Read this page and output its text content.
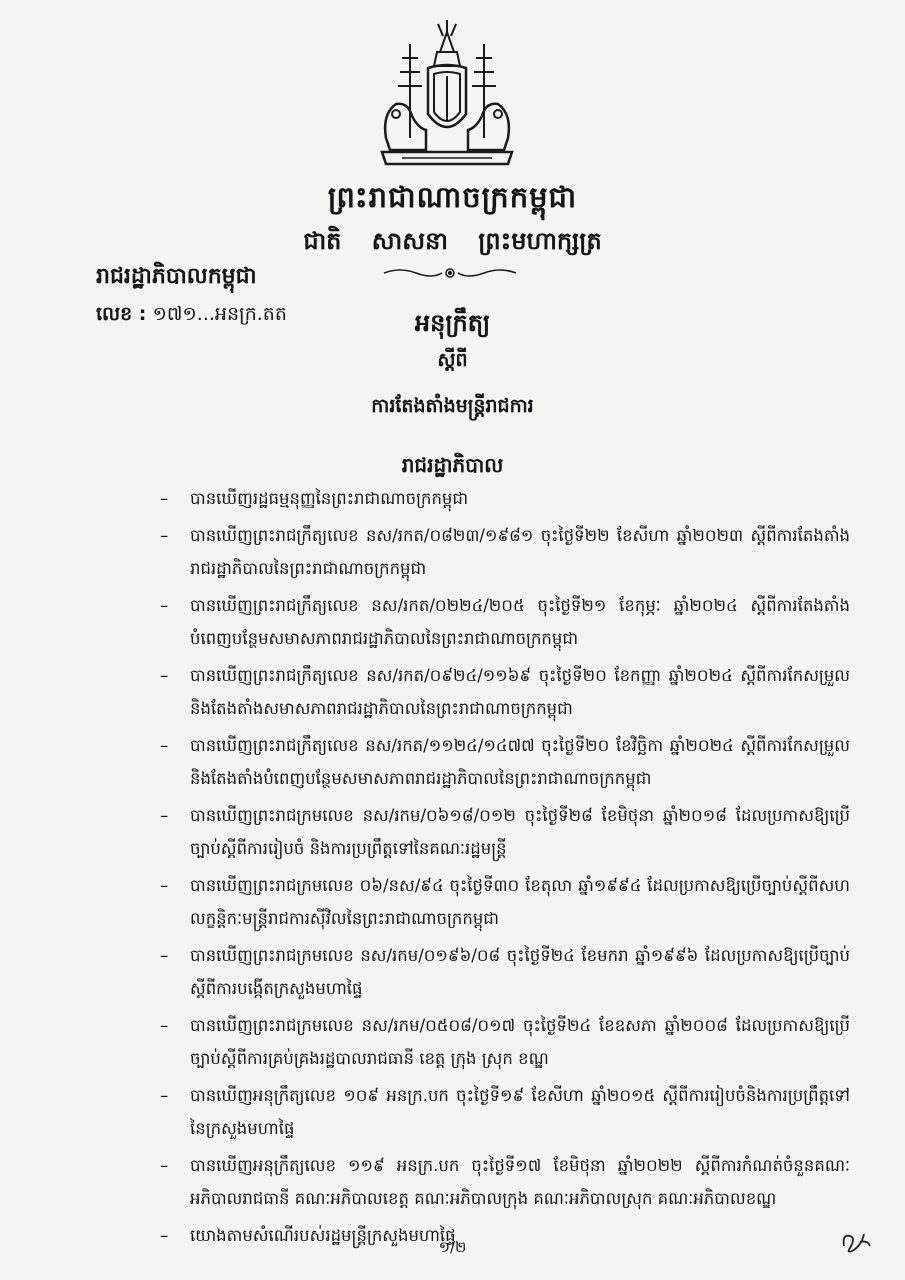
ព្រះរាជាណាចក្រកម្ពុជា
ជាតិ សាសនា ព្រះមហាក្សត្រ
រាជរដ្ឋាភិបាលកម្ពុជា
លេខ : ១៧១...អនក្រ.តត	អនុក្រឹត្យ
ស្តីពី
ការតែងតាំងមន្ត្រីរាជការ
រាជរដ្ឋាភិបាល
–	បានឃើញរដ្ឋធម្មនុញ្ញនៃព្រះរាជាណាចក្រកម្ពុជា
–	បានឃើញព្រះរាជក្រឹត្យលេខ នស/រកត/០៨២៣/១៩៨១ ចុះថ្ងៃទី២២ ខែសីហា ឆ្នាំ២០២៣ ស្តីពីការតែងតាំងរាជរដ្ឋាភិបាលនៃព្រះរាជាណាចក្រកម្ពុជា
–	បានឃើញព្រះរាជក្រឹត្យលេខ នស/រកត/០២២៤/២០៥ ចុះថ្ងៃទី២១ ខែកុម្ភៈ ឆ្នាំ២០២៤ ស្តីពីការតែងតាំងបំពេញបន្ថែមសមាសភាពរាជរដ្ឋាភិបាលនៃព្រះរាជាណាចក្រកម្ពុជា
–	បានឃើញព្រះរាជក្រឹត្យលេខ នស/រកត/០៩២៤/១១៦៩ ចុះថ្ងៃទី២០ ខែកញ្ញា ឆ្នាំ២០២៤ ស្តីពីការកែសម្រួលនិងតែងតាំងសមាសភាពរាជរដ្ឋាភិបាលនៃព្រះរាជាណាចក្រកម្ពុជា
–	បានឃើញព្រះរាជក្រឹត្យលេខ នស/រកត/១១២៤/១៤៧៧ ចុះថ្ងៃទី២០ ខែវិច្ឆិកា ឆ្នាំ២០២៤ ស្តីពីការកែសម្រួលនិងតែងតាំងបំពេញបន្ថែមសមាសភាពរាជរដ្ឋាភិបាលនៃព្រះរាជាណាចក្រកម្ពុជា
–	បានឃើញព្រះរាជក្រមលេខ នស/រកម/០៦១៨/០១២ ចុះថ្ងៃទី២៨ ខែមិថុនា ឆ្នាំ២០១៨ ដែលប្រកាសឱ្យប្រើច្បាប់ស្តីពីការរៀបចំ និងការប្រព្រឹត្តទៅនៃគណៈរដ្ឋមន្ត្រី
–	បានឃើញព្រះរាជក្រមលេខ ០៦/នស/៩៤ ចុះថ្ងៃទី៣០ ខែតុលា ឆ្នាំ១៩៩៤ ដែលប្រកាសឱ្យប្រើច្បាប់ស្តីពីសហលក្ខន្តិកៈមន្ត្រីរាជការស៊ីវិលនៃព្រះរាជាណាចក្រកម្ពុជា
–	បានឃើញព្រះរាជក្រមលេខ នស/រកម/០១៩៦/០៨ ចុះថ្ងៃទី២៤ ខែមករា ឆ្នាំ១៩៩៦ ដែលប្រកាសឱ្យប្រើច្បាប់ស្តីពីការបង្កើតក្រសួងមហាផ្ទៃ
–	បានឃើញព្រះរាជក្រមលេខ នស/រកម/០៥០៨/០១៧ ចុះថ្ងៃទី២៤ ខែឧសភា ឆ្នាំ២០០៨ ដែលប្រកាសឱ្យប្រើច្បាប់ស្តីពីការគ្រប់គ្រងរដ្ឋបាលរាជធានី ខេត្ត ក្រុង ស្រុក ខណ្ឌ
–	បានឃើញអនុក្រឹត្យលេខ ១០៩ អនក្រ.បក ចុះថ្ងៃទី១៩ ខែសីហា ឆ្នាំ២០១៥ ស្តីពីការរៀបចំនិងការប្រព្រឹត្តទៅនៃក្រសួងមហាផ្ទៃ
–	បានឃើញអនុក្រឹត្យលេខ ១១៩ អនក្រ.បក ចុះថ្ងៃទី១៧ ខែមិថុនា ឆ្នាំ២០២២ ស្តីពីការកំណត់ចំនួនគណៈអភិបាលរាជធានី គណៈអភិបាលខេត្ត គណៈអភិបាលក្រុង គណៈអភិបាលស្រុក គណៈអភិបាលខណ្ឌ
–	យោងតាមសំណើរបស់រដ្ឋមន្ត្រីក្រសួងមហាផ្ទៃ
១/២
